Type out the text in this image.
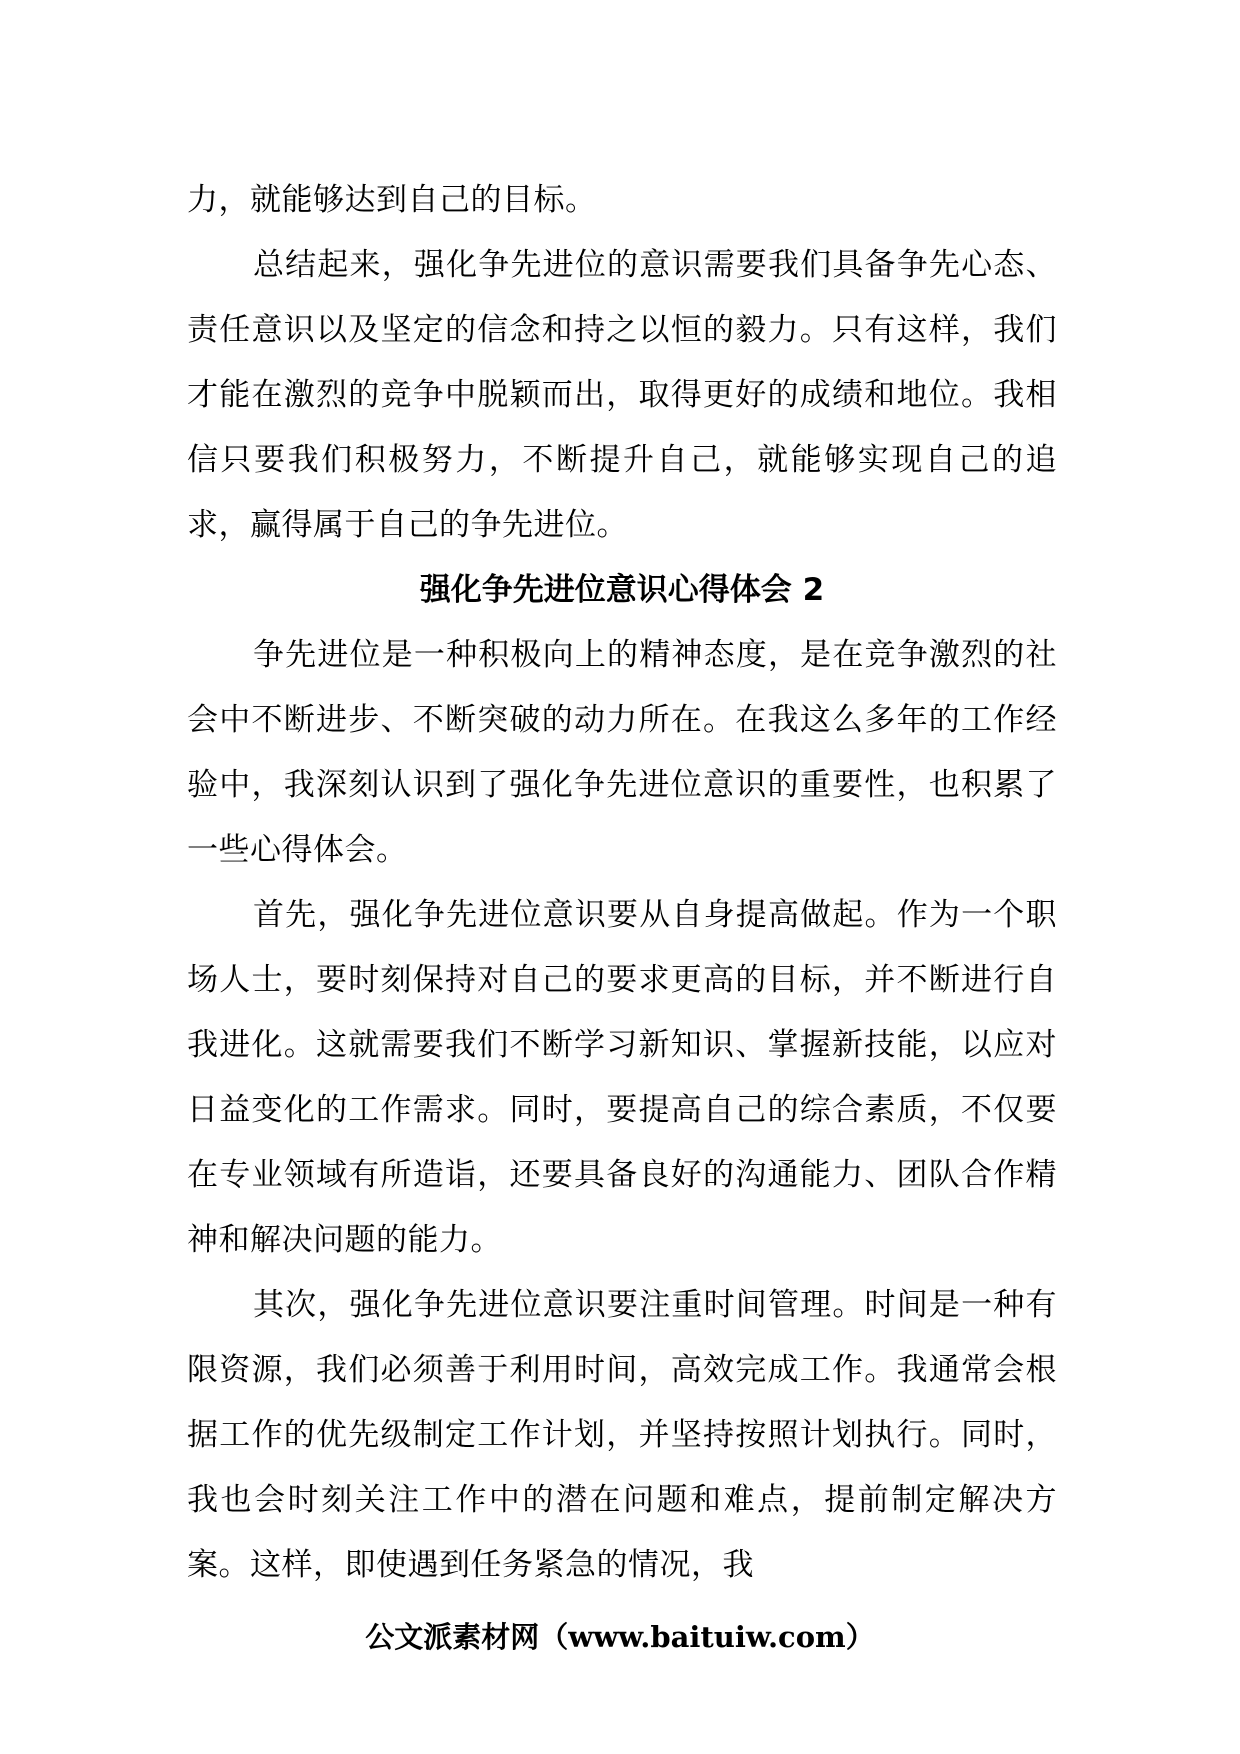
力，就能够达到自己的目标。

总结起来，强化争先进位的意识需要我们具备争先心态、责任意识以及坚定的信念和持之以恒的毅力。只有这样，我们才能在激烈的竞争中脱颖而出，取得更好的成绩和地位。我相信只要我们积极努力，不断提升自己，就能够实现自己的追求，赢得属于自己的争先进位。

强化争先进位意识心得体会 2

争先进位是一种积极向上的精神态度，是在竞争激烈的社会中不断进步、不断突破的动力所在。在我这么多年的工作经验中，我深刻认识到了强化争先进位意识的重要性，也积累了一些心得体会。

首先，强化争先进位意识要从自身提高做起。作为一个职场人士，要时刻保持对自己的要求更高的目标，并不断进行自我进化。这就需要我们不断学习新知识、掌握新技能，以应对日益变化的工作需求。同时，要提高自己的综合素质，不仅要在专业领域有所造诣，还要具备良好的沟通能力、团队合作精神和解决问题的能力。

其次，强化争先进位意识要注重时间管理。时间是一种有限资源，我们必须善于利用时间，高效完成工作。我通常会根据工作的优先级制定工作计划，并坚持按照计划执行。同时，我也会时刻关注工作中的潜在问题和难点，提前制定解决方案。这样，即使遇到任务紧急的情况，我

公文派素材网（www.baituiw.com）
